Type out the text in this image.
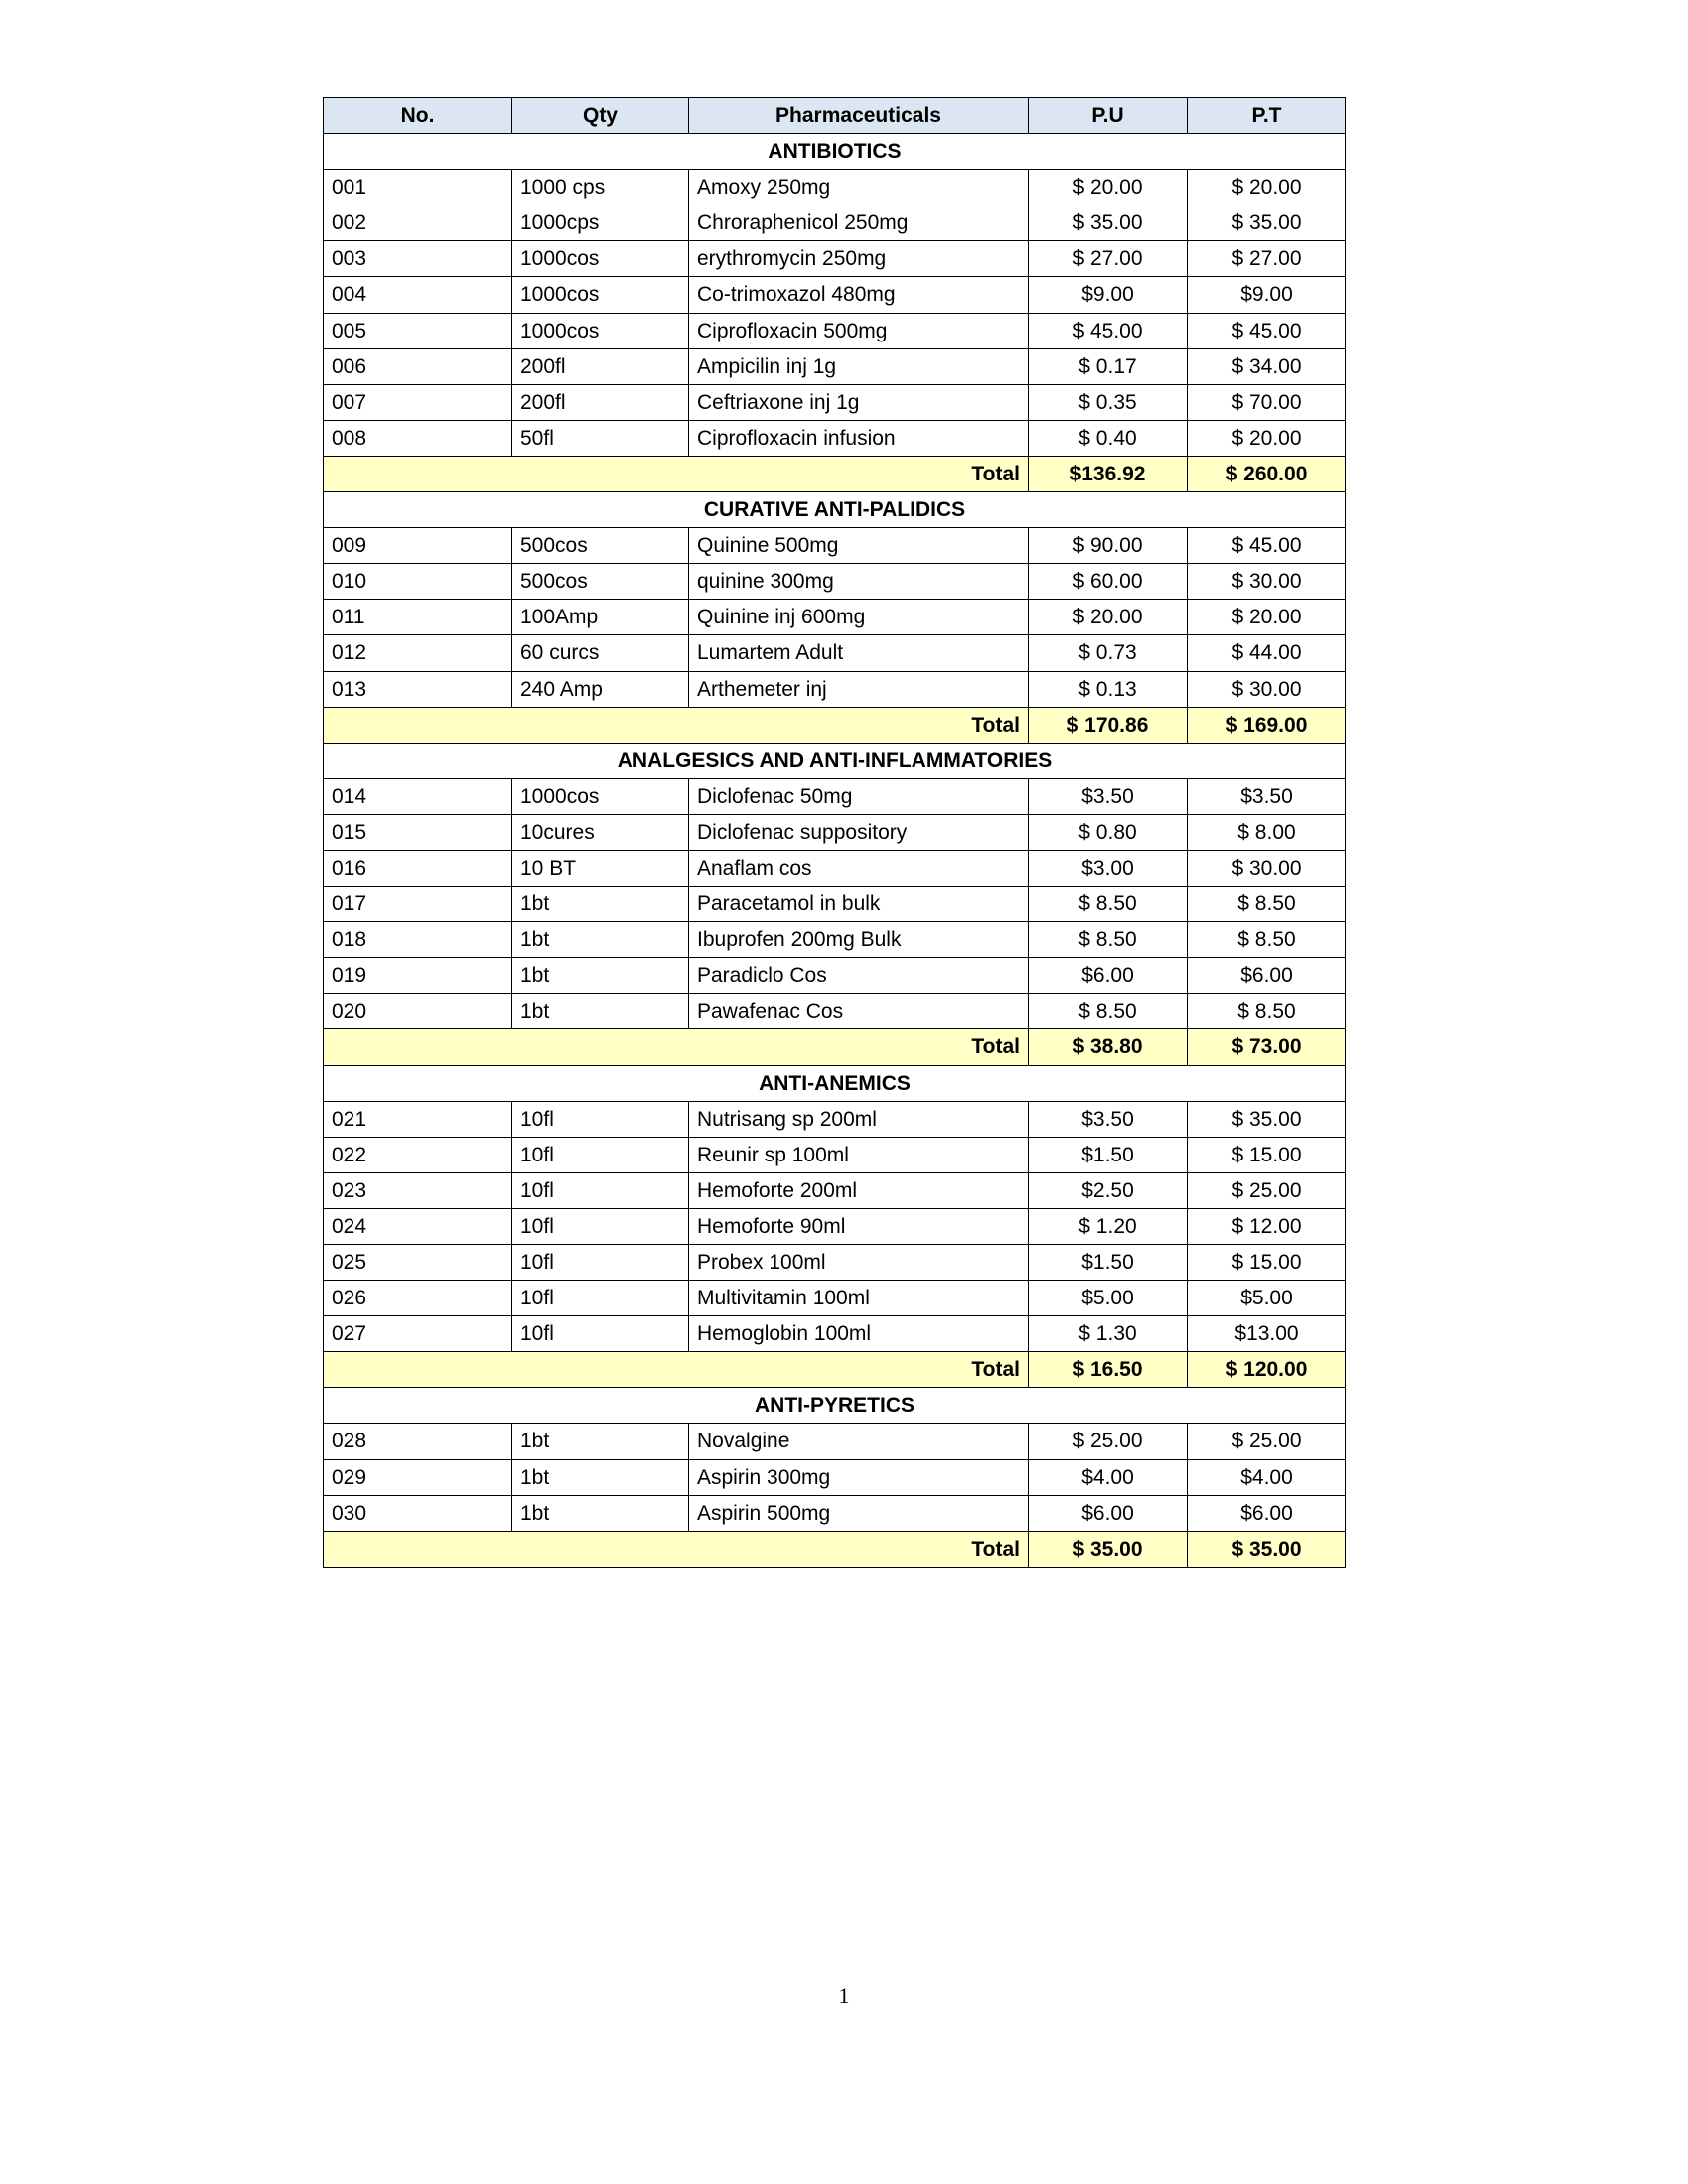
No.	Qty	Pharmaceuticals	P.U	P.T
ANTIBIOTICS				
001	1000 cps	Amoxy 250mg	$ 20.00	$ 20.00
002	1000cps	Chroraphenicol 250mg	$ 35.00	$ 35.00
003	1000cos	erythromycin 250mg	$ 27.00	$ 27.00
004	1000cos	Co-trimoxazol 480mg	$9.00	$9.00
005	1000cos	Ciprofloxacin 500mg	$ 45.00	$ 45.00
006	200fl	Ampicilin inj 1g	$ 0.17	$ 34.00
007	200fl	Ceftriaxone inj 1g	$ 0.35	$ 70.00
008	50fl	Ciprofloxacin infusion	$ 0.40	$ 20.00
Total			$136.92	$ 260.00
CURATIVE ANTI-PALIDICS				
009	500cos	Quinine 500mg	$ 90.00	$ 45.00
010	500cos	quinine 300mg	$ 60.00	$ 30.00
011	100Amp	Quinine inj 600mg	$ 20.00	$ 20.00
012	60 curcs	Lumartem Adult	$ 0.73	$ 44.00
013	240 Amp	Arthemeter inj	$ 0.13	$ 30.00
Total			$ 170.86	$ 169.00
ANALGESICS AND ANTI-INFLAMMATORIES				
014	1000cos	Diclofenac 50mg	$3.50	$3.50
015	10cures	Diclofenac suppository	$ 0.80	$ 8.00
016	10 BT	Anaflam cos	$3.00	$ 30.00
017	1bt	Paracetamol in bulk	$ 8.50	$ 8.50
018	1bt	Ibuprofen 200mg Bulk	$ 8.50	$ 8.50
019	1bt	Paradiclo Cos	$6.00	$6.00
020	1bt	Pawafenac Cos	$ 8.50	$ 8.50
Total			$ 38.80	$ 73.00
ANTI-ANEMICS				
021	10fl	Nutrisang sp 200ml	$3.50	$ 35.00
022	10fl	Reunir sp 100ml	$1.50	$ 15.00
023	10fl	Hemoforte 200ml	$2.50	$ 25.00
024	10fl	Hemoforte 90ml	$ 1.20	$ 12.00
025	10fl	Probex 100ml	$1.50	$ 15.00
026	10fl	Multivitamin 100ml	$5.00	$5.00
027	10fl	Hemoglobin 100ml	$ 1.30	$13.00
Total			$ 16.50	$ 120.00
ANTI-PYRETICS				
028	1bt	Novalgine	$ 25.00	$ 25.00
029	1bt	Aspirin 300mg	$4.00	$4.00
030	1bt	Aspirin 500mg	$6.00	$6.00
Total			$ 35.00	$ 35.00
1
